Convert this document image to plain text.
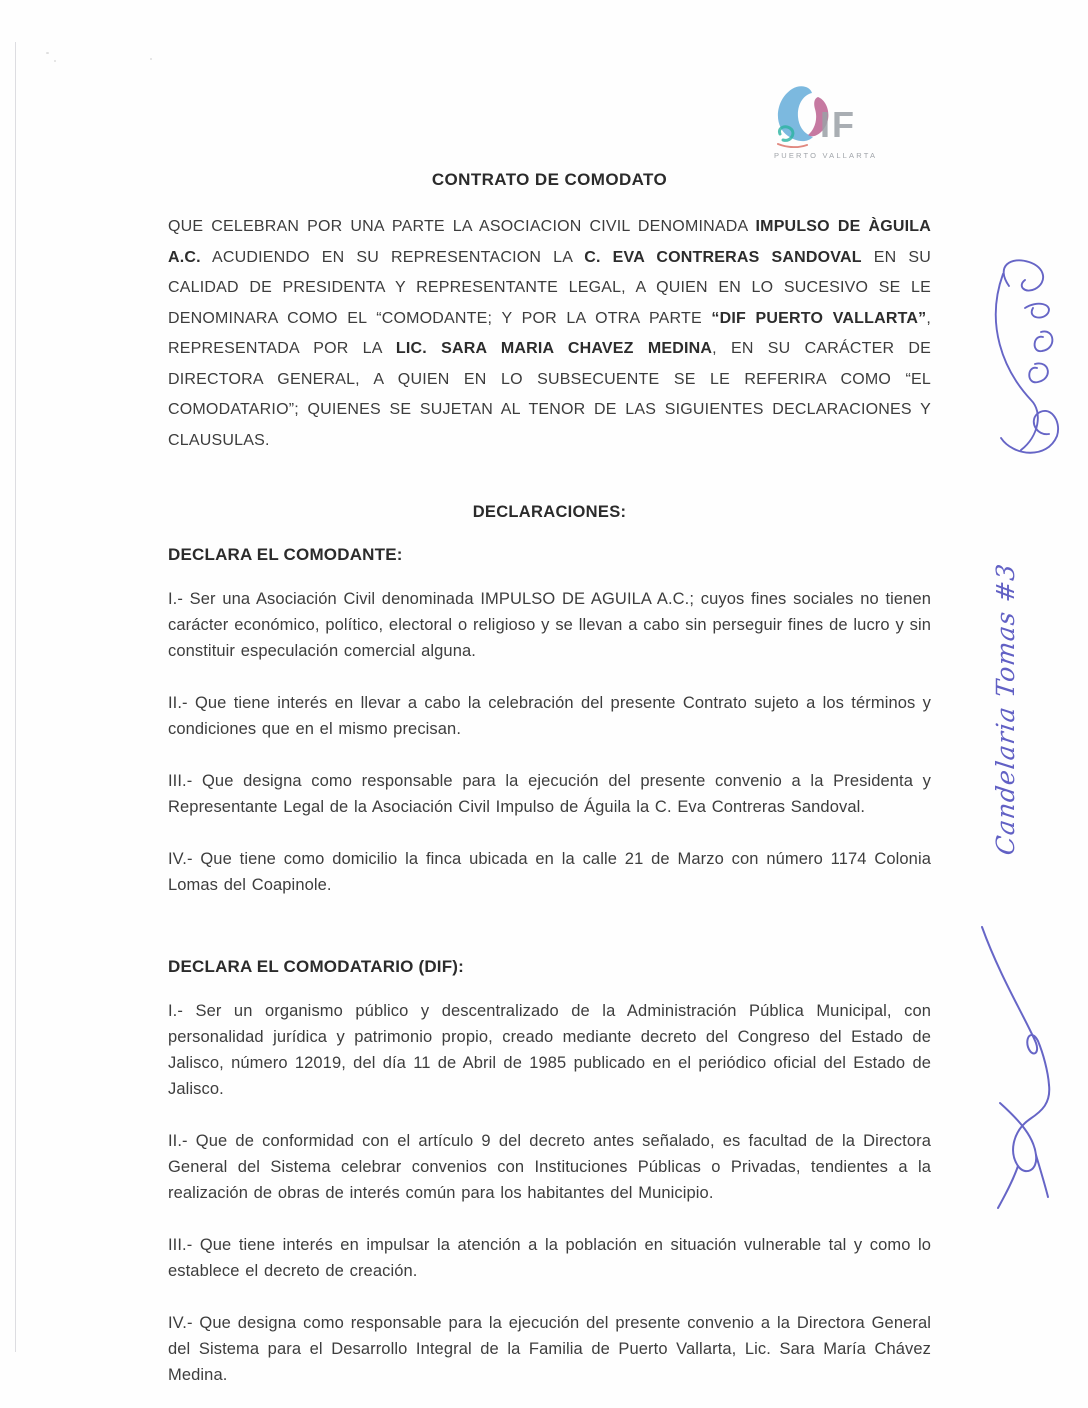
IF
PUERTO VALLARTA
CONTRATO DE COMODATO

QUE CELEBRAN POR UNA PARTE LA ASOCIACION CIVIL DENOMINADA IMPULSO DE ÀGUILA A.C. ACUDIENDO EN SU REPRESENTACION LA C. EVA CONTRERAS SANDOVAL EN SU CALIDAD DE PRESIDENTA Y REPRESENTANTE LEGAL, A QUIEN EN LO SUCESIVO SE LE DENOMINARA COMO EL “COMODANTE; Y POR LA OTRA PARTE “DIF PUERTO VALLARTA”, REPRESENTADA POR LA LIC. SARA MARIA CHAVEZ MEDINA, EN SU CARÁCTER DE DIRECTORA GENERAL, A QUIEN EN LO SUBSECUENTE SE LE REFERIRA COMO “EL COMODATARIO”; QUIENES SE SUJETAN AL TENOR DE LAS SIGUIENTES DECLARACIONES Y CLAUSULAS.

DECLARACIONES:
DECLARA EL COMODANTE:

I.- Ser una Asociación Civil denominada IMPULSO DE AGUILA A.C.; cuyos fines sociales no tienen carácter económico, político, electoral o religioso y se llevan a cabo sin perseguir fines de lucro y sin constituir especulación comercial alguna.

II.- Que tiene interés en llevar a cabo la celebración del presente Contrato sujeto a los términos y condiciones que en el mismo precisan.

III.- Que designa como responsable para la ejecución del presente convenio a la Presidenta y Representante Legal de la Asociación Civil Impulso de Águila la C. Eva Contreras Sandoval.

IV.- Que tiene como domicilio la finca ubicada en la calle 21 de Marzo con número 1174 Colonia Lomas del Coapinole.

DECLARA EL COMODATARIO (DIF):

I.- Ser un organismo público y descentralizado de la Administración Pública Municipal, con personalidad jurídica y patrimonio propio, creado mediante decreto del Congreso del Estado de Jalisco, número 12019, del día 11 de Abril de 1985 publicado en el periódico oficial del Estado de Jalisco.

II.- Que de conformidad con el artículo 9 del decreto antes señalado, es facultad de la Directora General del Sistema celebrar convenios con Instituciones Públicas o Privadas, tendientes a la realización de obras de interés común para los habitantes del Municipio.

III.- Que tiene interés en impulsar la atención a la población en situación vulnerable tal y como lo establece el decreto de creación.

IV.- Que designa como responsable para la ejecución del presente convenio a la Directora General del Sistema para el Desarrollo Integral de la Familia de Puerto Vallarta, Lic. Sara María Chávez Medina.

Candelaria Tomas #3
